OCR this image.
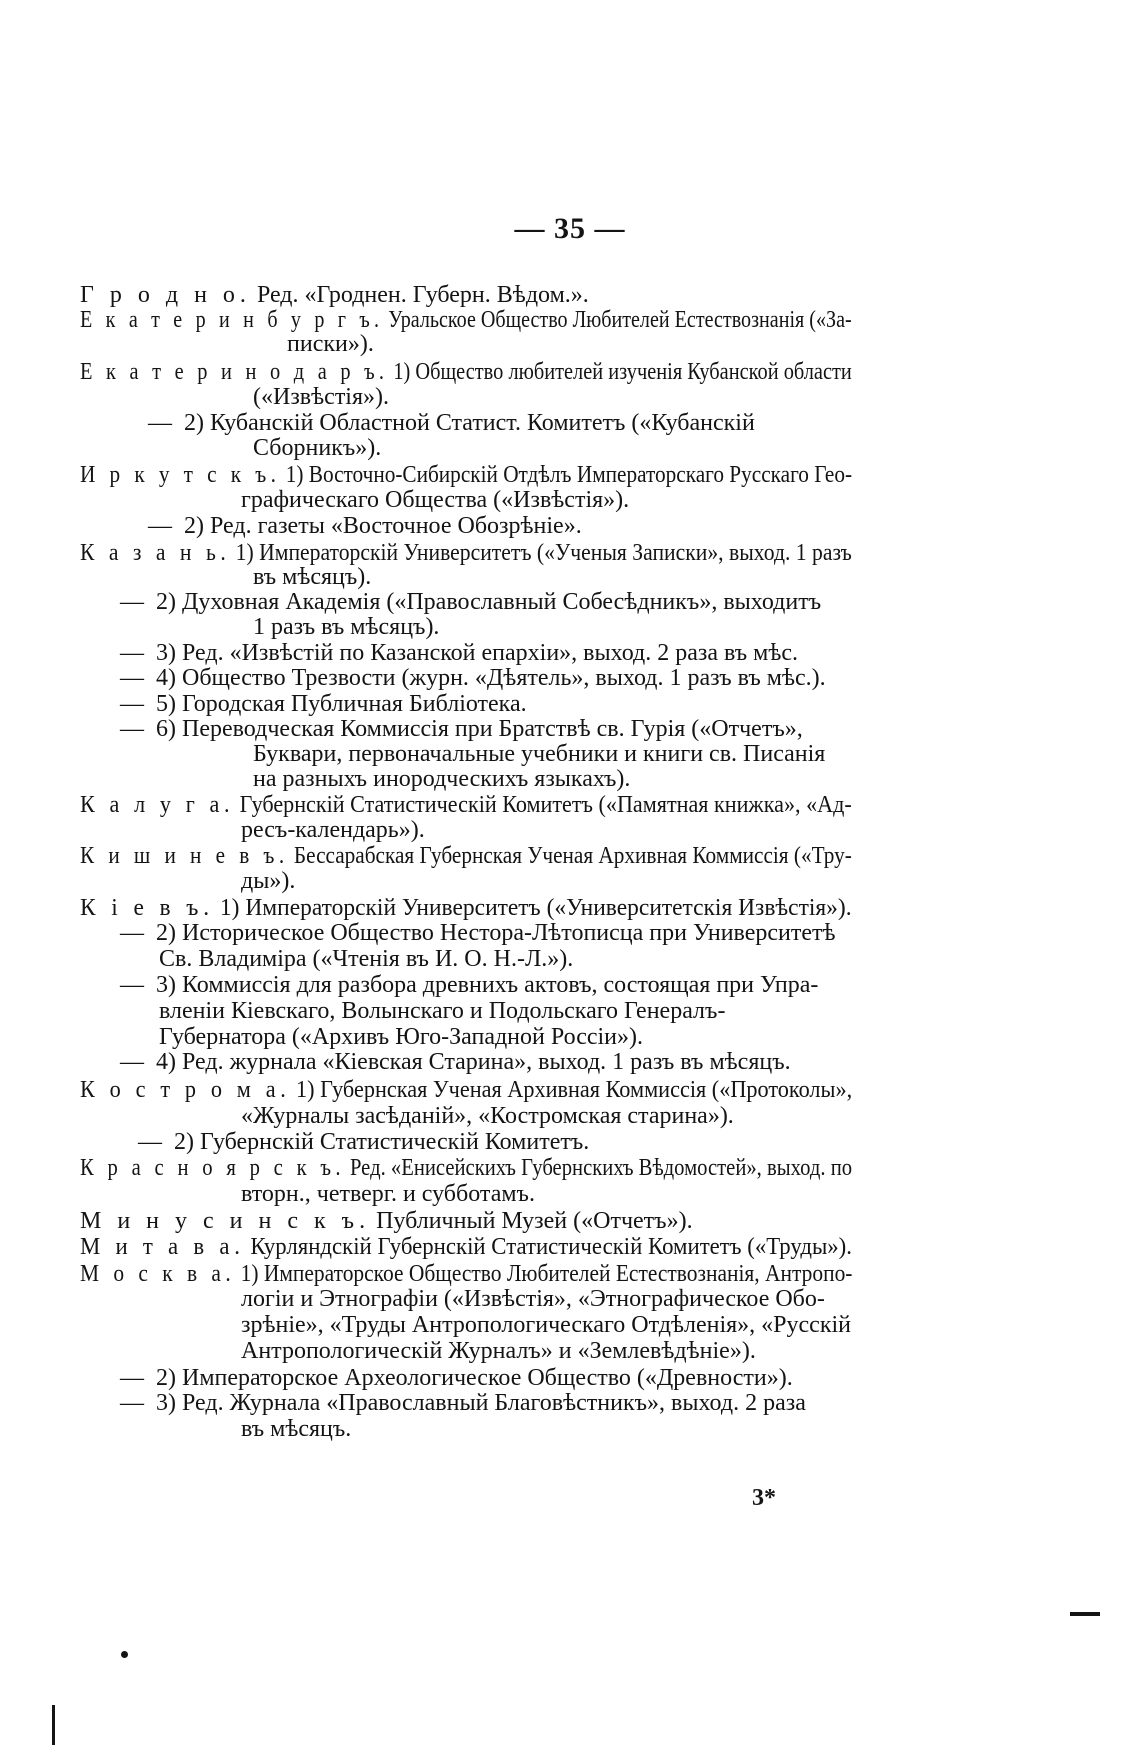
— 35 —
Г р о д н о. Ред. «Гроднен. Губерн. Вѣдом.».
Е к а т е р и н б у р г ъ. Уральское Общество Любителей Естествознанія («За-
писки»).
Е к а т е р и н о д а р ъ. 1) Общество любителей изученія Кубанской области
(«Извѣстія»).
— 2) Кубанскій Областной Статист. Комитетъ («Кубанскій
Сборникъ»).
И р к у т с к ъ. 1) Восточно-Сибирскій Отдѣлъ Императорскаго Русскаго Гео-
графическаго Общества («Извѣстія»).
— 2) Ред. газеты «Восточное Обозрѣніе».
К а з а н ь. 1) Императорскій Университетъ («Ученыя Записки», выход. 1 разъ
въ мѣсяцъ).
— 2) Духовная Академія («Православный Собесѣдникъ», выходитъ
1 разъ въ мѣсяцъ).
— 3) Ред. «Извѣстій по Казанской епархіи», выход. 2 раза въ мѣс.
— 4) Общество Трезвости (журн. «Дѣятель», выход. 1 разъ въ мѣс.).
— 5) Городская Публичная Библіотека.
— 6) Переводческая Коммиссія при Братствѣ св. Гурія («Отчетъ»,
Буквари, первоначальные учебники и книги св. Писанія
на разныхъ инородческихъ языкахъ).
К а л у г а. Губернскій Статистическій Комитетъ («Памятная книжка», «Ад-
ресъ-календарь»).
К и ш и н е в ъ. Бессарабская Губернская Ученая Архивная Коммиссія («Тру-
ды»).
К і е в ъ. 1) Императорскій Университетъ («Университетскія Извѣстія»).
— 2) Историческое Общество Нестора-Лѣтописца при Университетѣ
Св. Владиміра («Чтенія въ И. О. Н.-Л.»).
— 3) Коммиссія для разбора древнихъ актовъ, состоящая при Упра-
вленіи Кіевскаго, Волынскаго и Подольскаго Генералъ-
Губернатора («Архивъ Юго-Западной Россіи»).
— 4) Ред. журнала «Кіевская Старина», выход. 1 разъ въ мѣсяцъ.
К о с т р о м а. 1) Губернская Ученая Архивная Коммиссія («Протоколы»,
«Журналы засѣданій», «Костромская старина»).
— 2) Губернскій Статистическій Комитетъ.
К р а с н о я р с к ъ. Ред. «Енисейскихъ Губернскихъ Вѣдомостей», выход. по
вторн., четверг. и субботамъ.
М и н у с и н с к ъ. Публичный Музей («Отчетъ»).
М и т а в а. Курляндскій Губернскій Статистическій Комитетъ («Труды»).
М о с к в а. 1) Императорское Общество Любителей Естествознанія, Антропо-
логіи и Этнографіи («Извѣстія», «Этнографическое Обо-
зрѣніе», «Труды Антропологическаго Отдѣленія», «Русскій
Антропологическій Журналъ» и «Землевѣдѣніе»).
— 2) Императорское Археологическое Общество («Древности»).
— 3) Ред. Журнала «Православный Благовѣстникъ», выход. 2 раза
въ мѣсяцъ.
3*
